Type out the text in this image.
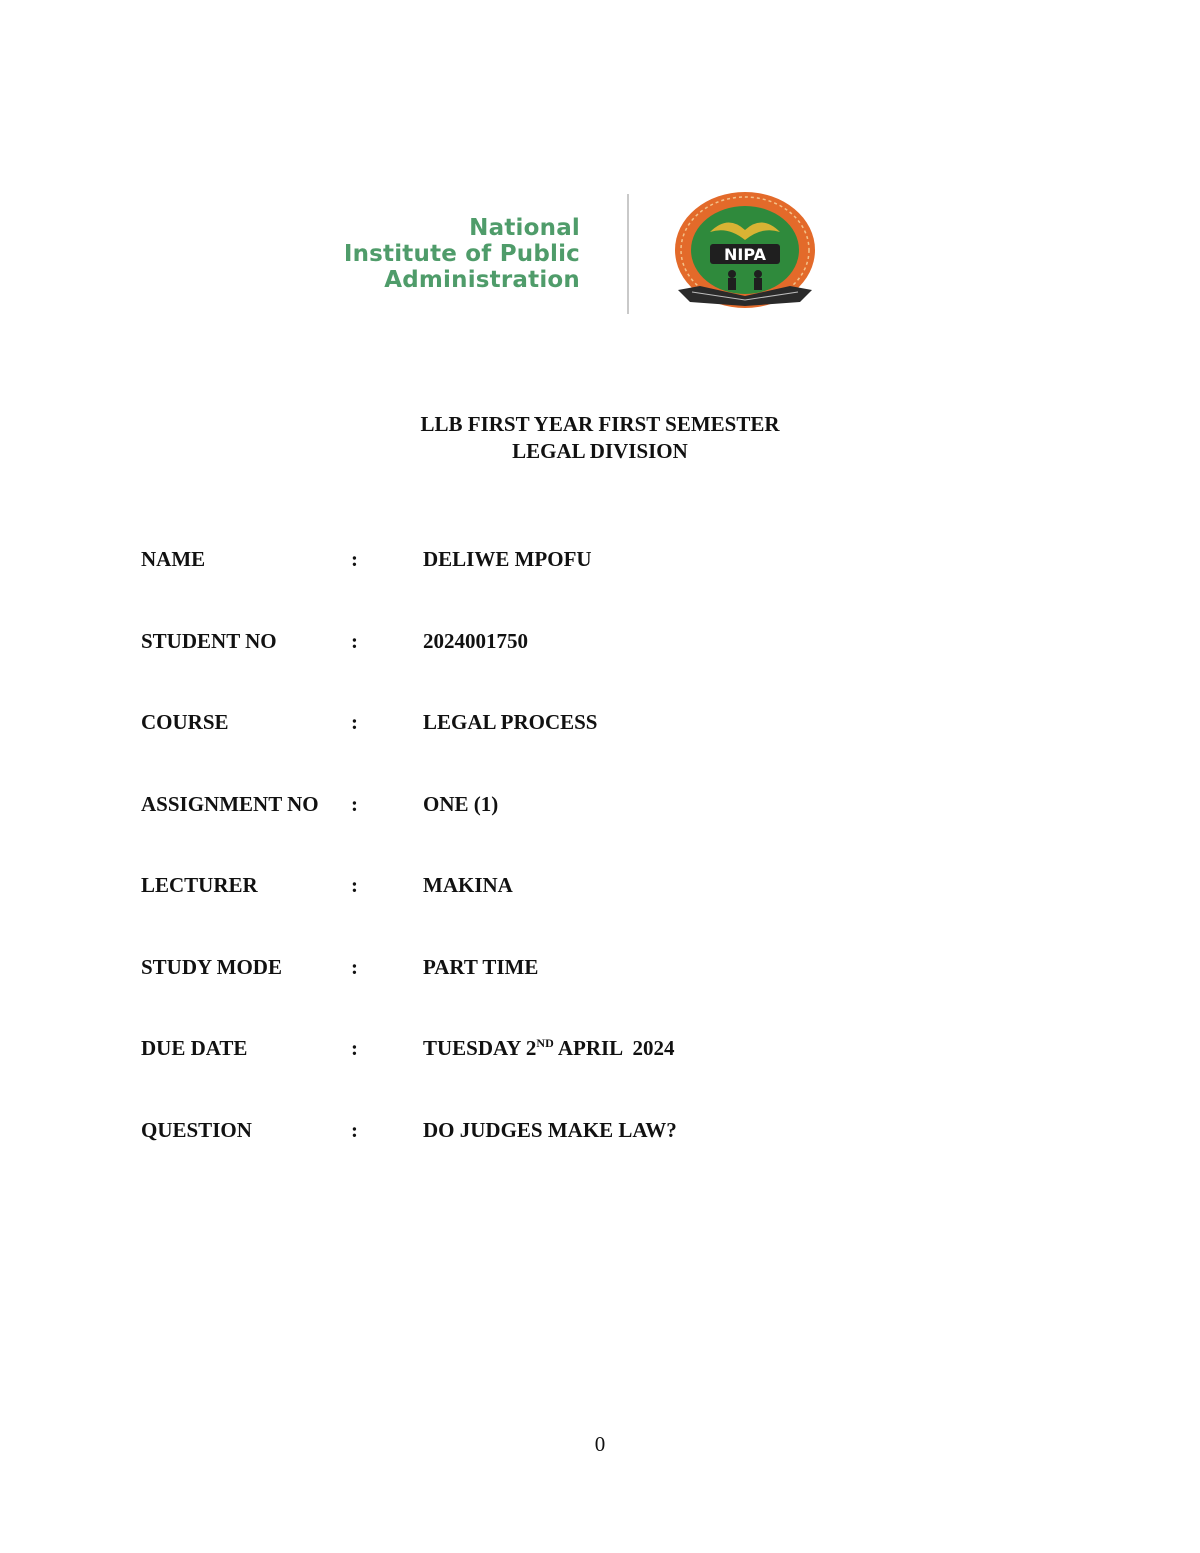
National
Institute of Public
Administration
NIPA
LLB FIRST YEAR FIRST SEMESTER
LEGAL DIVISION
NAME	:	DELIWE MPOFU
STUDENT NO	:	2024001750
COURSE	:	LEGAL PROCESS
ASSIGNMENT NO :	ONE (1)
LECTURER	:	MAKINA
STUDY MODE	:	PART TIME
DUE DATE	:	TUESDAY 2ND APRIL  2024
QUESTION	:	DO JUDGES MAKE LAW?
0
